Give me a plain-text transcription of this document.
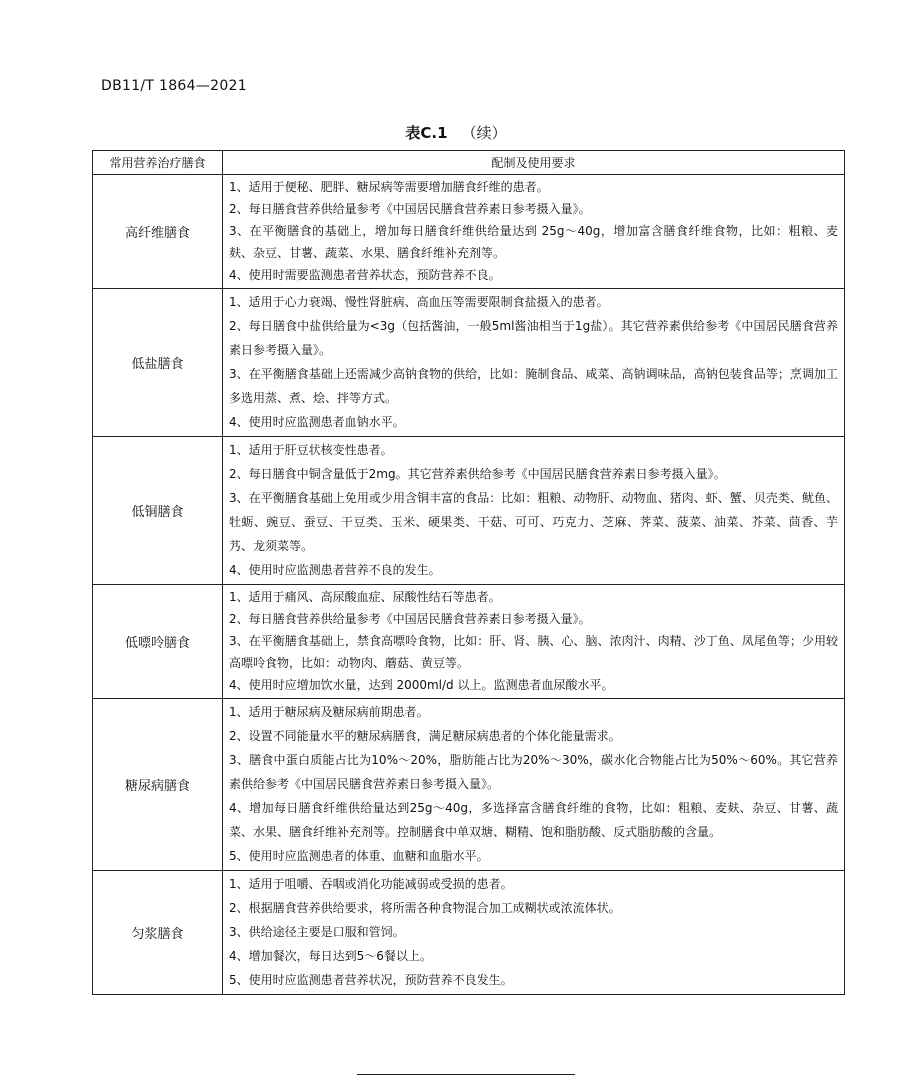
DB11/T 1864—2021
表C.1 （续）
常用营养治疗膳食	配制及使用要求
高纤维膳食	1、适用于便秘、肥胖、糖尿病等需要增加膳食纤维的患者。
2、每日膳食营养供给量参考《中国居民膳食营养素日参考摄入量》。
3、在平衡膳食的基础上，增加每日膳食纤维供给量达到 25g～40g，增加富含膳食纤维食物，比如：粗粮、麦麸、杂豆、甘薯、蔬菜、水果、膳食纤维补充剂等。
4、使用时需要监测患者营养状态，预防营养不良。

低盐膳食	1、适用于心力衰竭、慢性肾脏病、高血压等需要限制食盐摄入的患者。
2、每日膳食中盐供给量为<3g（包括酱油，一般5ml酱油相当于1g盐）。其它营养素供给参考《中国居民膳食营养素日参考摄入量》。
3、在平衡膳食基础上还需减少高钠食物的供给，比如：腌制食品、咸菜、高钠调味品，高钠包装食品等；烹调加工多选用蒸、煮、烩、拌等方式。
4、使用时应监测患者血钠水平。

低铜膳食	1、适用于肝豆状核变性患者。
2、每日膳食中铜含量低于2mg。其它营养素供给参考《中国居民膳食营养素日参考摄入量》。
3、在平衡膳食基础上免用或少用含铜丰富的食品：比如：粗粮、动物肝、动物血、猪肉、虾、蟹、贝壳类、鱿鱼、牡蛎、豌豆、蚕豆、干豆类、玉米、硬果类、干菇、可可、巧克力、芝麻、荠菜、菠菜、油菜、芥菜、茴香、芋艿、龙须菜等。
4、使用时应监测患者营养不良的发生。

低嘌呤膳食	1、适用于痛风、高尿酸血症、尿酸性结石等患者。
2、每日膳食营养供给量参考《中国居民膳食营养素日参考摄入量》。
3、在平衡膳食基础上，禁食高嘌呤食物，比如：肝、肾、胰、心、脑、浓肉汁、肉精、沙丁鱼、凤尾鱼等；少用较高嘌呤食物，比如：动物肉、蘑菇、黄豆等。
4、使用时应增加饮水量，达到 2000ml/d 以上。监测患者血尿酸水平。

糖尿病膳食	1、适用于糖尿病及糖尿病前期患者。
2、设置不同能量水平的糖尿病膳食，满足糖尿病患者的个体化能量需求。
3、膳食中蛋白质能占比为10%～20%，脂肪能占比为20%～30%，碳水化合物能占比为50%～60%。其它营养素供给参考《中国居民膳食营养素日参考摄入量》。
4、增加每日膳食纤维供给量达到25g～40g，多选择富含膳食纤维的食物，比如：粗粮、麦麸、杂豆、甘薯、蔬菜、水果、膳食纤维补充剂等。控制膳食中单双塘、糊精、饱和脂肪酸、反式脂肪酸的含量。
5、使用时应监测患者的体重、血糖和血脂水平。

匀浆膳食	1、适用于咀嚼、吞咽或消化功能减弱或受损的患者。
2、根据膳食营养供给要求，将所需各种食物混合加工成糊状或浓流体状。
3、供给途径主要是口服和管饲。
4、增加餐次，每日达到5～6餐以上。
5、使用时应监测患者营养状况，预防营养不良发生。
